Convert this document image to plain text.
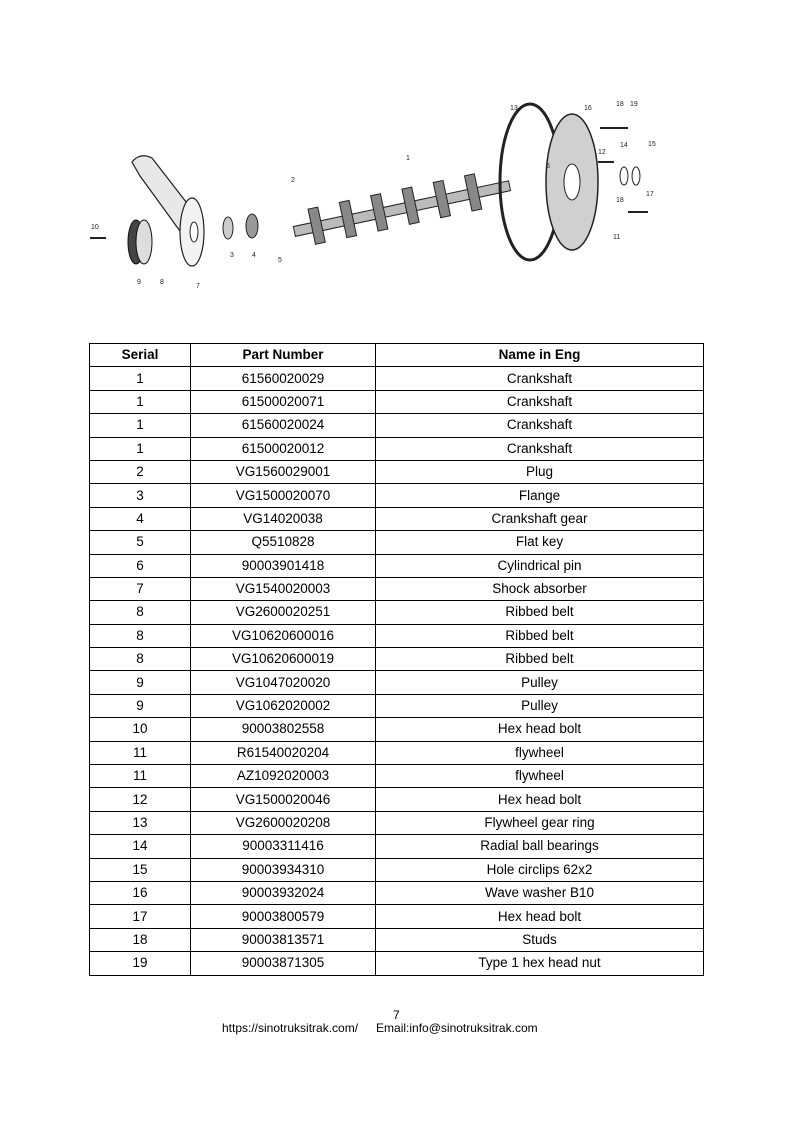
1
2
3	4
5
6
7
8
9
10
11
12
13
14	15
16
17
18
18
19
Serial	Part Number	Name in Eng
1	61560020029	Crankshaft
1	61500020071	Crankshaft
1	61560020024	Crankshaft
1	61500020012	Crankshaft
2	VG1560029001	Plug
3	VG1500020070	Flange
4	VG14020038	Crankshaft gear
5	Q5510828	Flat key
6	90003901418	Cylindrical pin
7	VG1540020003	Shock absorber
8	VG2600020251	Ribbed belt
8	VG10620600016	Ribbed belt
8	VG10620600019	Ribbed belt
9	VG1047020020	Pulley
9	VG1062020002	Pulley
10	90003802558	Hex head bolt
11	R61540020204	flywheel
11	AZ1092020003	flywheel
12	VG1500020046	Hex head bolt
13	VG2600020208	Flywheel gear ring
14	90003311416	Radial ball bearings
15	90003934310	Hole circlips 62x2
16	90003932024	Wave washer B10
17	90003800579	Hex head bolt
18	90003813571	Studs
19	90003871305	Type 1 hex head nut
7
https://sinotruksitrak.com/ Email:info@sinotruksitrak.com
